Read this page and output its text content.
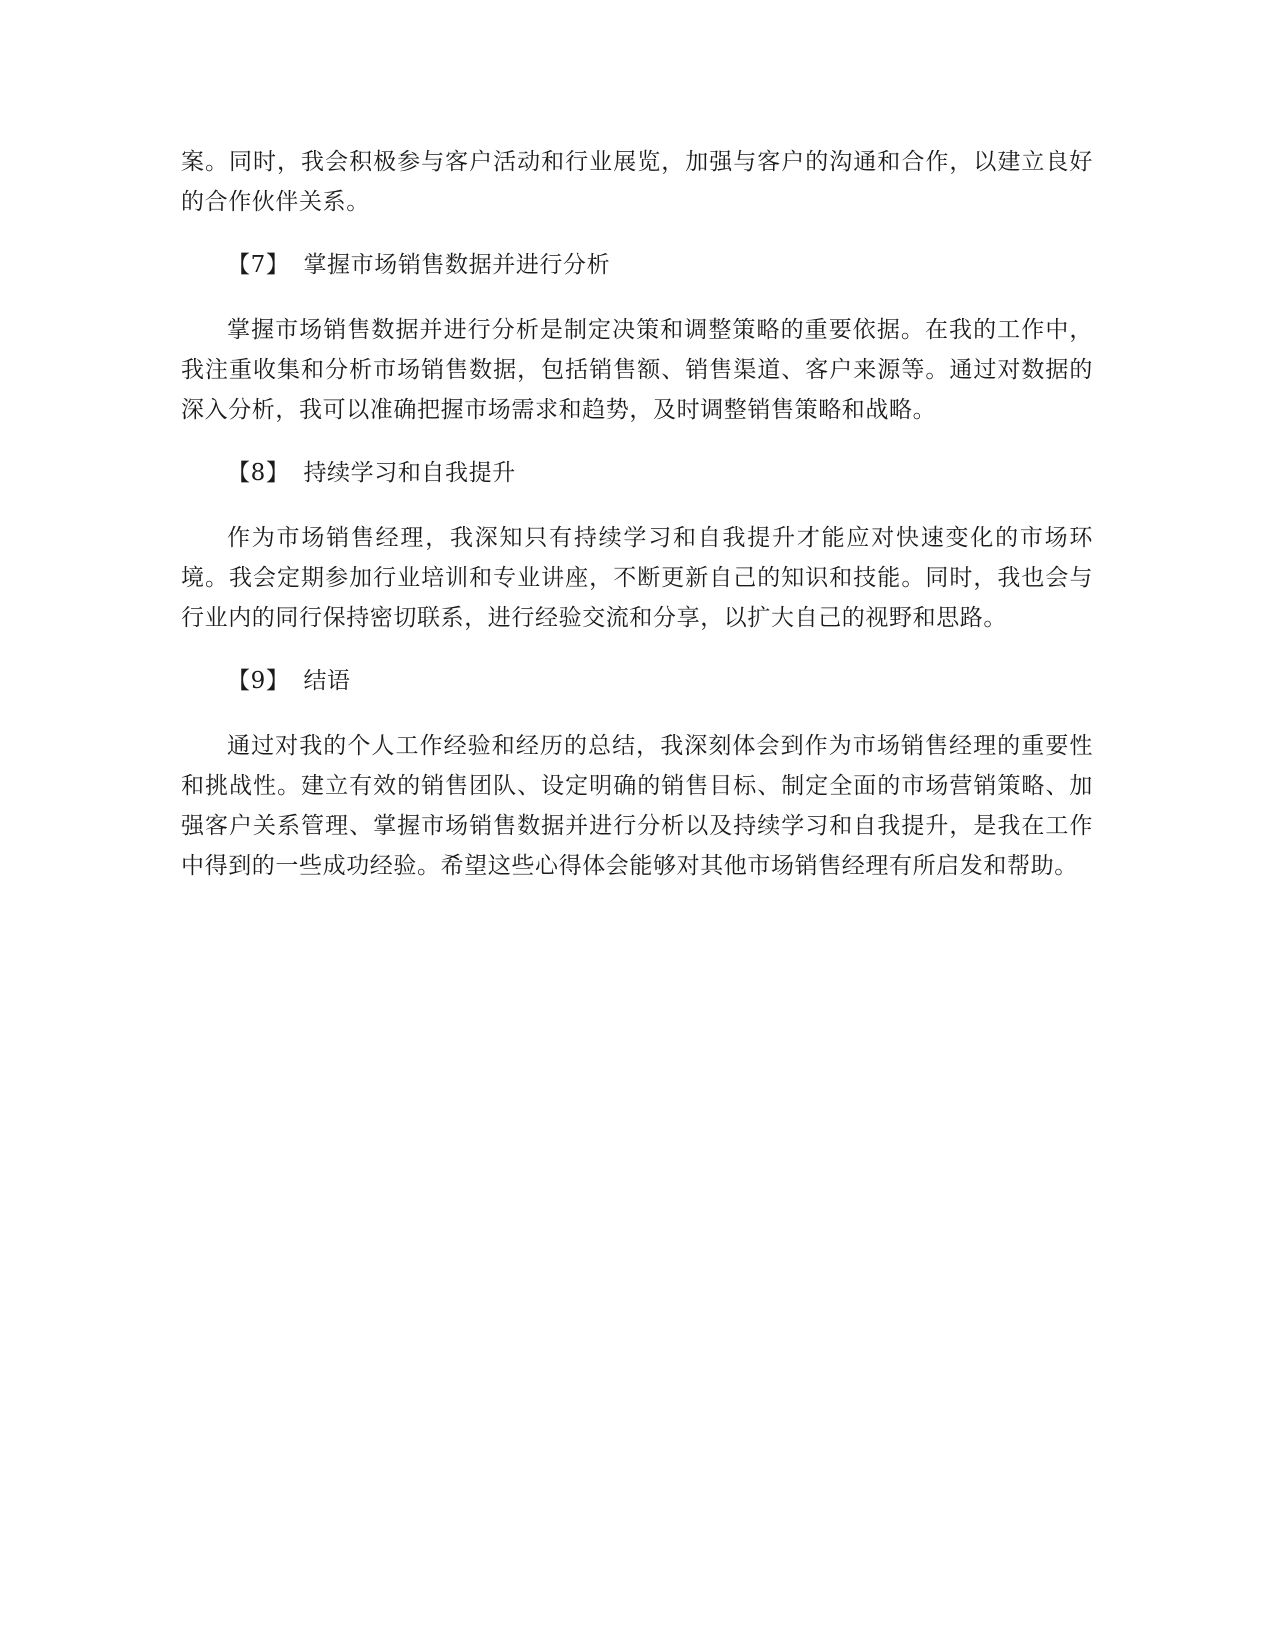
案。同时，我会积极参与客户活动和行业展览，加强与客户的沟通和合作，以建立良好的合作伙伴关系。

【7】 掌握市场销售数据并进行分析

掌握市场销售数据并进行分析是制定决策和调整策略的重要依据。在我的工作中，我注重收集和分析市场销售数据，包括销售额、销售渠道、客户来源等。通过对数据的深入分析，我可以准确把握市场需求和趋势，及时调整销售策略和战略。

【8】 持续学习和自我提升

作为市场销售经理，我深知只有持续学习和自我提升才能应对快速变化的市场环境。我会定期参加行业培训和专业讲座，不断更新自己的知识和技能。同时，我也会与行业内的同行保持密切联系，进行经验交流和分享，以扩大自己的视野和思路。

【9】 结语

通过对我的个人工作经验和经历的总结，我深刻体会到作为市场销售经理的重要性和挑战性。建立有效的销售团队、设定明确的销售目标、制定全面的市场营销策略、加强客户关系管理、掌握市场销售数据并进行分析以及持续学习和自我提升，是我在工作中得到的一些成功经验。希望这些心得体会能够对其他市场销售经理有所启发和帮助。
